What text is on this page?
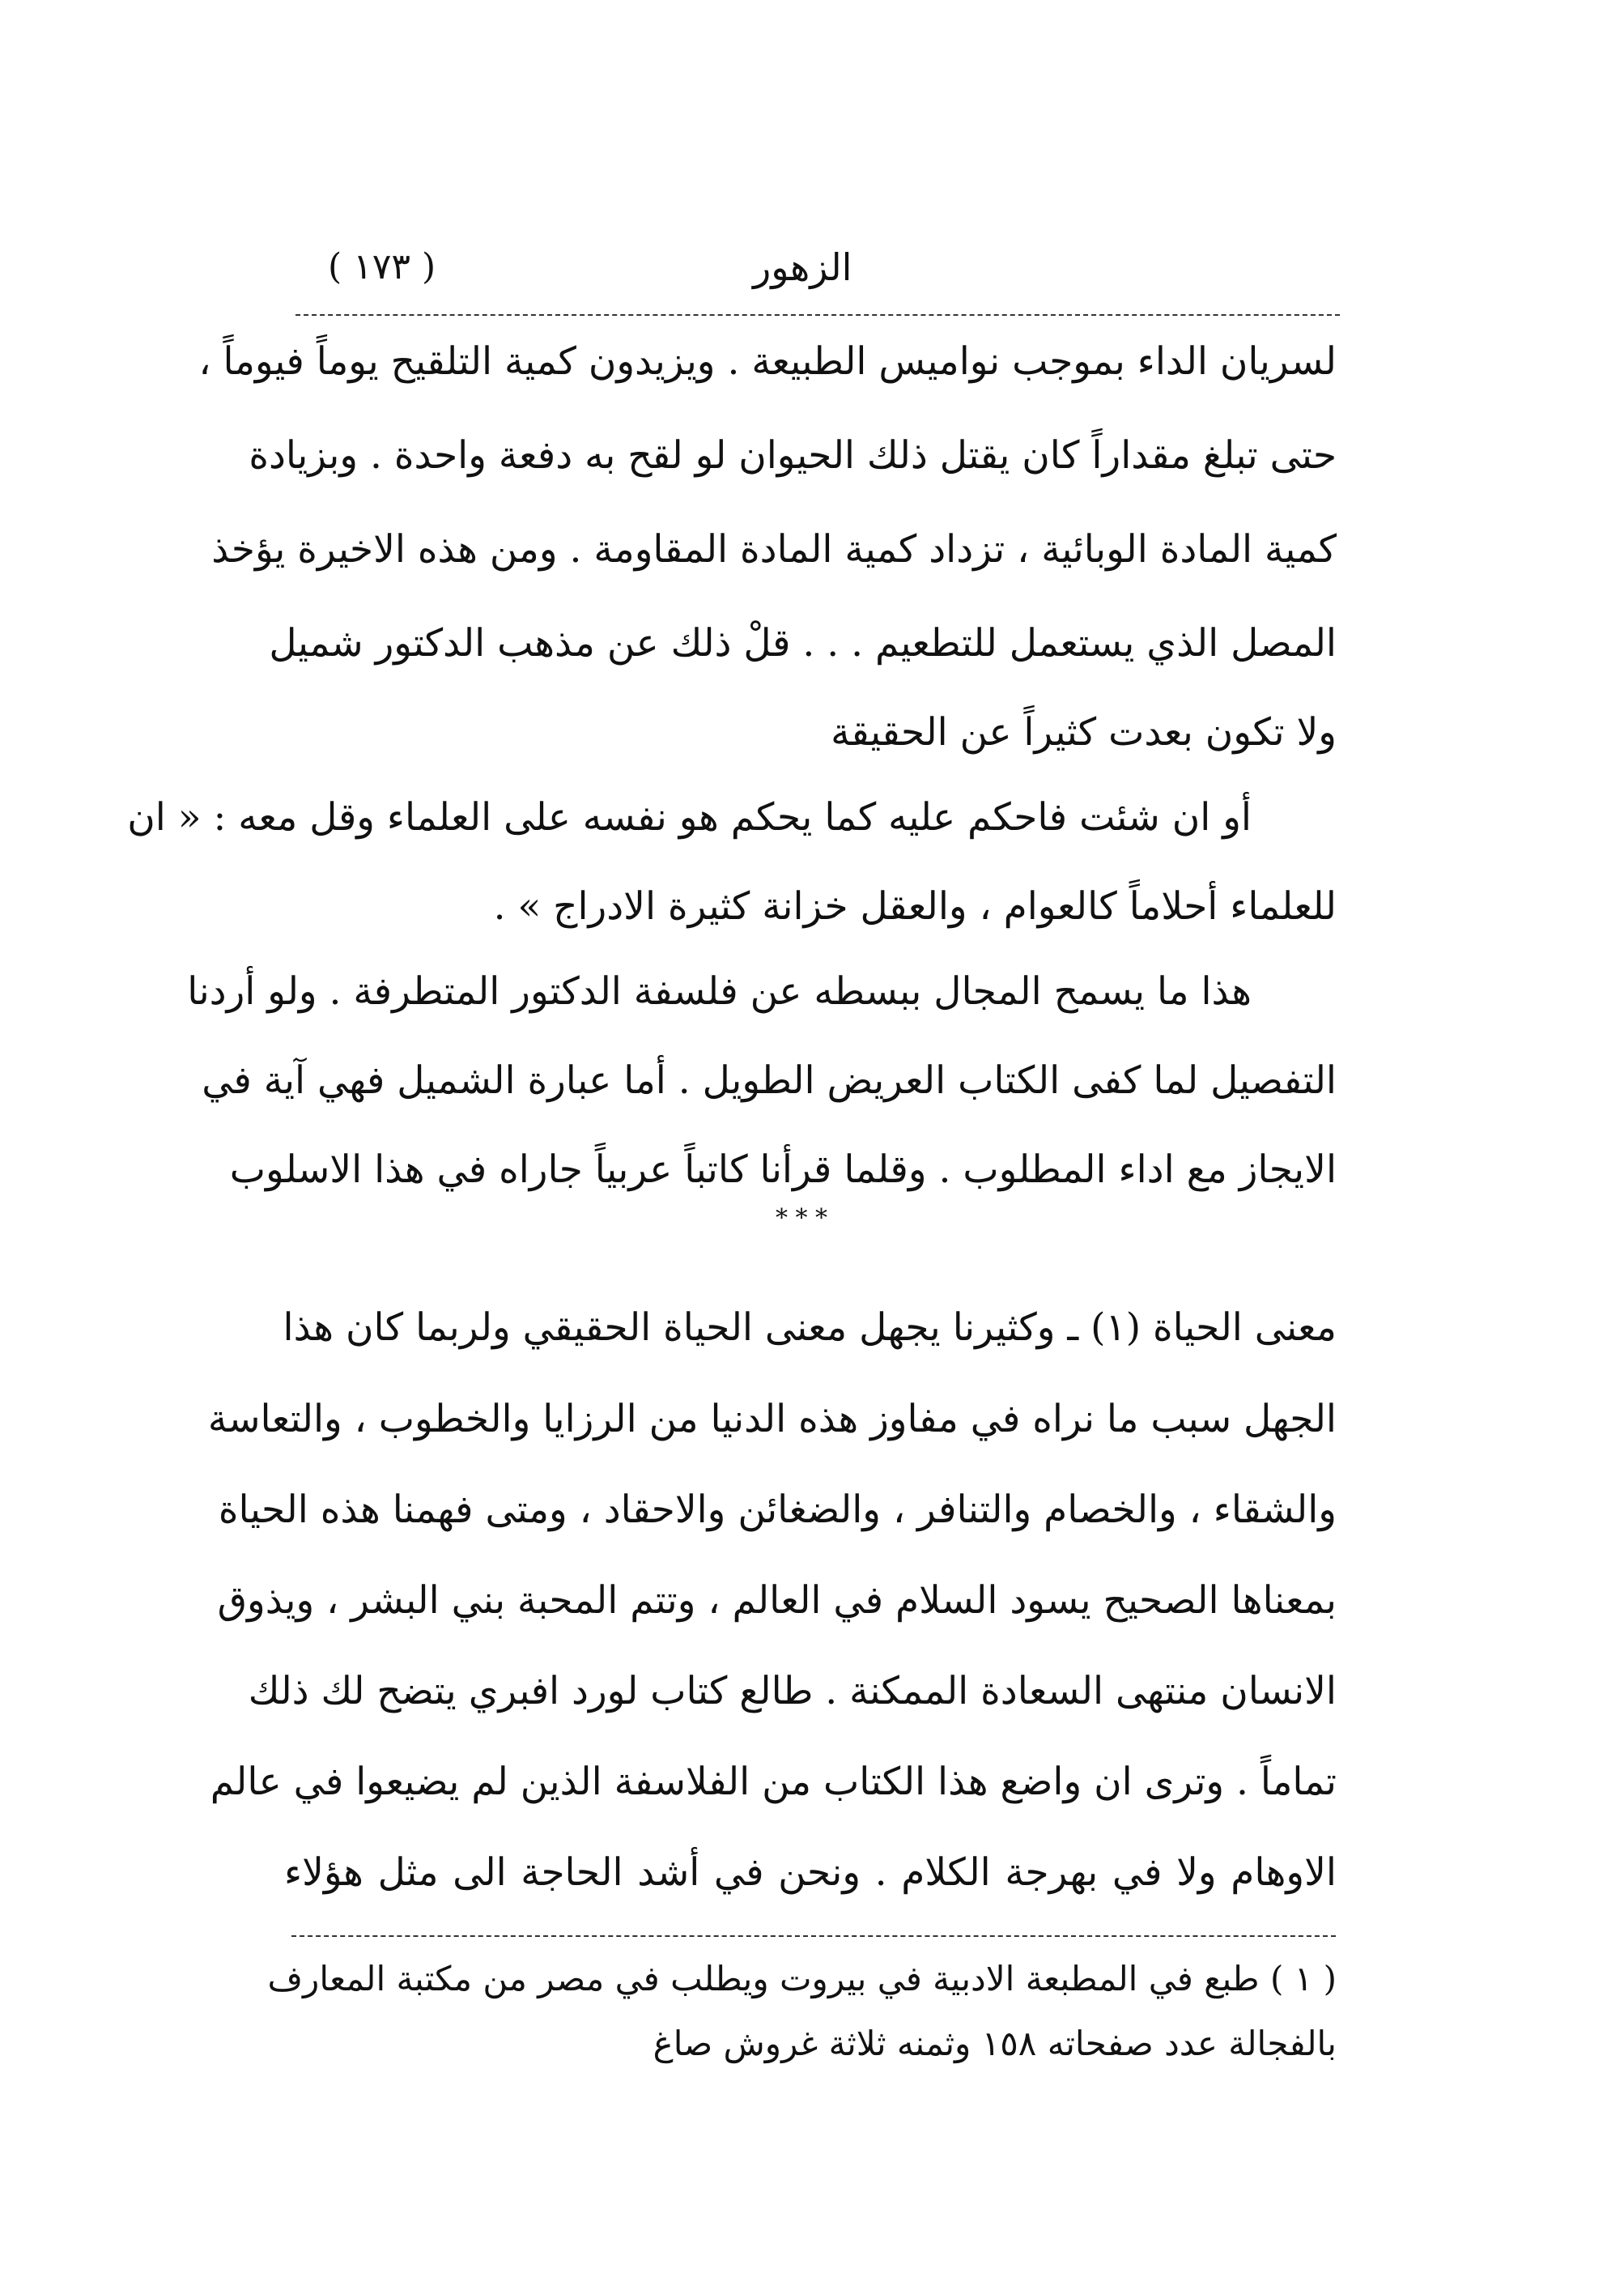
( ١٧٣ )	الزهور
لسريان الداء بموجب نواميس الطبيعة . ويزيدون كمية التلقيح يوماً فيوماً ،
حتى تبلغ مقداراً كان يقتل ذلك الحيوان لو لقح به دفعة واحدة . وبزيادة
كمية المادة الوبائية ، تزداد كمية المادة المقاومة . ومن هذه الاخيرة يؤخذ
المصل الذي يستعمل للتطعيم . . . قلْ ذلك عن مذهب الدكتور شميل
ولا تكون بعدت كثيراً عن الحقيقة
أو ان شئت فاحكم عليه كما يحكم هو نفسه على العلماء وقل معه : « ان
للعلماء أحلاماً كالعوام ، والعقل خزانة كثيرة الادراج » .
هذا ما يسمح المجال ببسطه عن فلسفة الدكتور المتطرفة . ولو أردنا
التفصيل لما كفى الكتاب العريض الطويل . أما عبارة الشميل فهي آية في
الايجاز مع اداء المطلوب . وقلما قرأنا كاتباً عربياً جاراه في هذا الاسلوب
* * *
معنى الحياة (١) ـ وكثيرنا يجهل معنى الحياة الحقيقي ولربما كان هذا
الجهل سبب ما نراه في مفاوز هذه الدنيا من الرزايا والخطوب ، والتعاسة
والشقاء ، والخصام والتنافر ، والضغائن والاحقاد ، ومتى فهمنا هذه الحياة
بمعناها الصحيح يسود السلام في العالم ، وتتم المحبة بني البشر ، ويذوق
الانسان منتهى السعادة الممكنة . طالع كتاب لورد افبري يتضح لك ذلك
تماماً . وترى ان واضع هذا الكتاب من الفلاسفة الذين لم يضيعوا في عالم
الاوهام ولا في بهرجة الكلام . ونحن في أشد الحاجة الى مثل هؤلاء
( ١ ) طبع في المطبعة الادبية في بيروت ويطلب في مصر من مكتبة المعارف
بالفجالة عدد صفحاته ١٥٨ وثمنه ثلاثة غروش صاغ
